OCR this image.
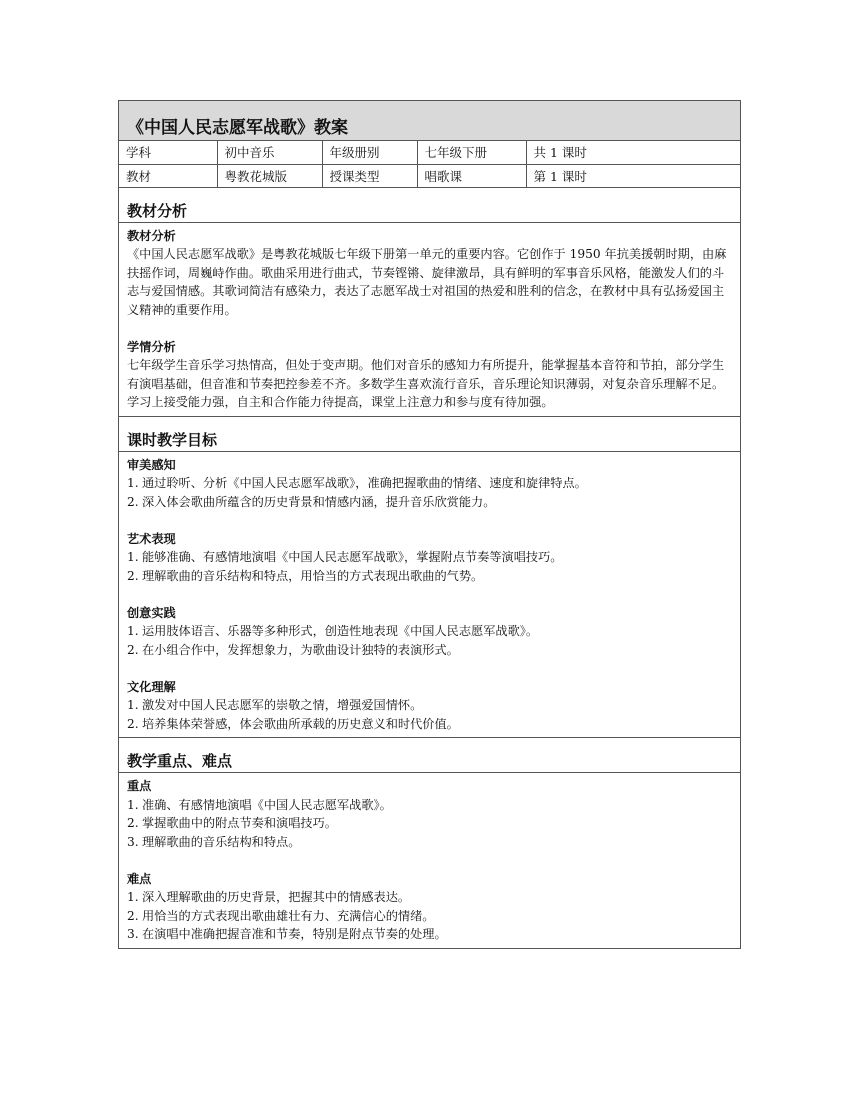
《中国人民志愿军战歌》教案
学科	初中音乐	年级册别	七年级下册	共 1 课时
教材	粤教花城版	授课类型	唱歌课	第 1 课时
教材分析
教材分析

《中国人民志愿军战歌》是粤教花城版七年级下册第一单元的重要内容。它创作于 1950 年抗美援朝时期，由麻扶摇作词，周巍峙作曲。歌曲采用进行曲式，节奏铿锵、旋律激昂，具有鲜明的军事音乐风格，能激发人们的斗志与爱国情感。其歌词简洁有感染力，表达了志愿军战士对祖国的热爱和胜利的信念，在教材中具有弘扬爱国主义精神的重要作用。

学情分析

七年级学生音乐学习热情高，但处于变声期。他们对音乐的感知力有所提升，能掌握基本音符和节拍，部分学生有演唱基础，但音准和节奏把控参差不齐。多数学生喜欢流行音乐，音乐理论知识薄弱，对复杂音乐理解不足。学习上接受能力强，自主和合作能力待提高，课堂上注意力和参与度有待加强。

课时教学目标
审美感知
1. 通过聆听、分析《中国人民志愿军战歌》，准确把握歌曲的情绪、速度和旋律特点。
2. 深入体会歌曲所蕴含的历史背景和情感内涵，提升音乐欣赏能力。
艺术表现
1. 能够准确、有感情地演唱《中国人民志愿军战歌》，掌握附点节奏等演唱技巧。
2. 理解歌曲的音乐结构和特点，用恰当的方式表现出歌曲的气势。
创意实践
1. 运用肢体语言、乐器等多种形式，创造性地表现《中国人民志愿军战歌》。
2. 在小组合作中，发挥想象力，为歌曲设计独特的表演形式。
文化理解
1. 激发对中国人民志愿军的崇敬之情，增强爱国情怀。
2. 培养集体荣誉感，体会歌曲所承载的历史意义和时代价值。
教学重点、难点
重点
1. 准确、有感情地演唱《中国人民志愿军战歌》。
2. 掌握歌曲中的附点节奏和演唱技巧。
3. 理解歌曲的音乐结构和特点。
难点
1. 深入理解歌曲的历史背景，把握其中的情感表达。
2. 用恰当的方式表现出歌曲雄壮有力、充满信心的情绪。
3. 在演唱中准确把握音准和节奏，特别是附点节奏的处理。
